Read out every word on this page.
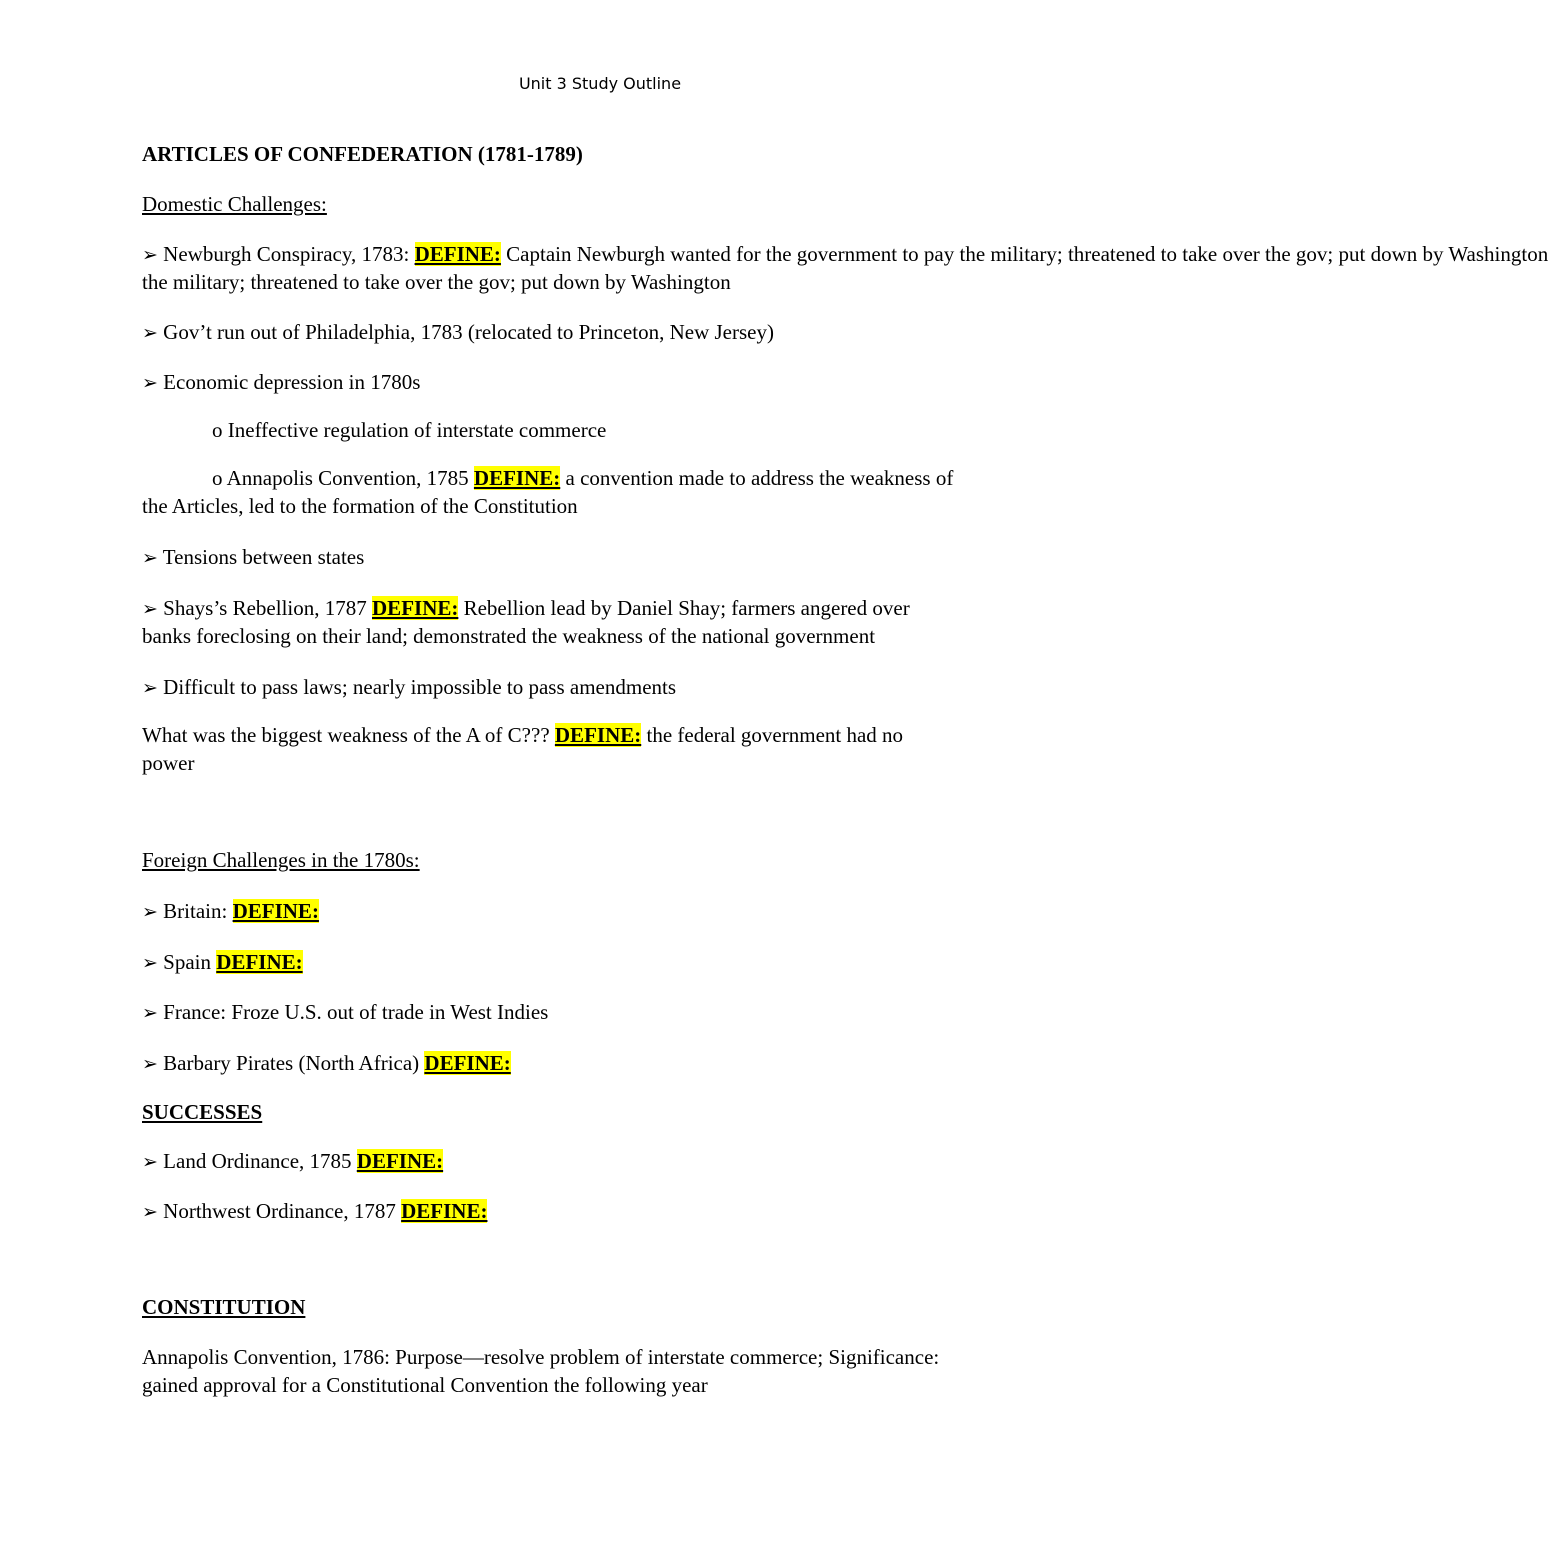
Unit 3 Study Outline
ARTICLES OF CONFEDERATION (1781-1789)
Domestic Challenges:
➢ Newburgh Conspiracy, 1783: DEFINE: Captain Newburgh wanted for the government to pay the military; threatened to take over the gov; put down by Washington
the military; threatened to take over the gov; put down by Washington
➢ Gov’t run out of Philadelphia, 1783 (relocated to Princeton, New Jersey)
➢ Economic depression in 1780s
o Ineffective regulation of interstate commerce
o Annapolis Convention, 1785 DEFINE: a convention made to address the weakness of
the Articles, led to the formation of the Constitution
➢ Tensions between states
➢ Shays’s Rebellion, 1787 DEFINE: Rebellion lead by Daniel Shay; farmers angered over
banks foreclosing on their land; demonstrated the weakness of the national government
➢ Difficult to pass laws; nearly impossible to pass amendments
What was the biggest weakness of the A of C??? DEFINE: the federal government had no
power
Foreign Challenges in the 1780s:
➢ Britain: DEFINE:
➢ Spain DEFINE:
➢ France: Froze U.S. out of trade in West Indies
➢ Barbary Pirates (North Africa) DEFINE:
SUCCESSES
➢ Land Ordinance, 1785 DEFINE:
➢ Northwest Ordinance, 1787 DEFINE:
CONSTITUTION
Annapolis Convention, 1786: Purpose—resolve problem of interstate commerce; Significance:
gained approval for a Constitutional Convention the following year
